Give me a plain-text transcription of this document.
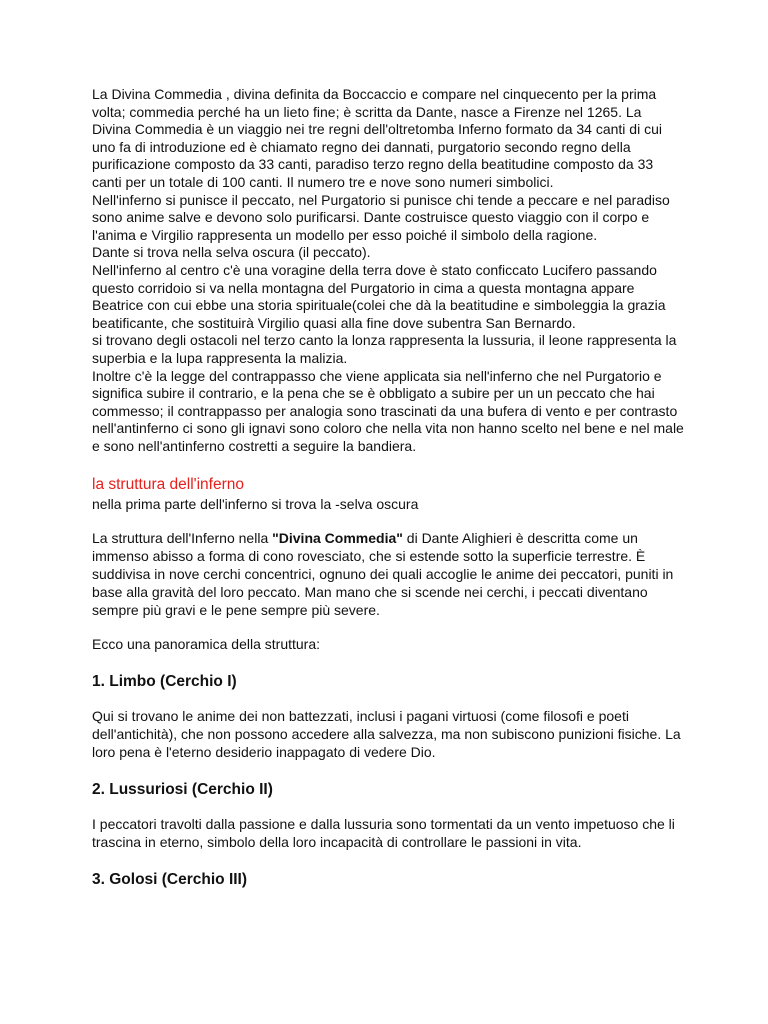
La Divina Commedia , divina definita da Boccaccio e compare nel cinquecento per la prima volta; commedia perché ha un lieto fine; è scritta da Dante, nasce a Firenze nel 1265. La Divina Commedia è un viaggio nei tre regni dell'oltretomba Inferno formato da 34 canti di cui uno fa di introduzione ed è chiamato regno dei dannati, purgatorio secondo regno della purificazione composto da 33 canti, paradiso terzo regno della beatitudine composto da 33 canti per un totale di 100 canti. Il numero tre e nove sono numeri simbolici.

Nell'inferno si punisce il peccato, nel Purgatorio si punisce chi tende a peccare e nel paradiso sono anime salve e devono solo purificarsi. Dante costruisce questo viaggio con il corpo e l'anima e Virgilio rappresenta un modello per esso poiché il simbolo della ragione.

Dante si trova nella selva oscura (il peccato).

Nell'inferno al centro c'è una voragine della terra dove è stato conficcato Lucifero passando questo corridoio si va nella montagna del Purgatorio in cima a questa montagna appare Beatrice con cui ebbe una storia spirituale(colei che dà la beatitudine e simboleggia la grazia beatificante, che sostituirà Virgilio quasi alla fine dove subentra San Bernardo.

si trovano degli ostacoli nel terzo canto la lonza rappresenta la lussuria, il leone rappresenta la superbia e la lupa rappresenta la malizia.

Inoltre c'è la legge del contrappasso che viene applicata sia nell'inferno che nel Purgatorio e significa subire il contrario, e la pena che se è obbligato a subire per un un peccato che hai commesso; il contrappasso per analogia sono trascinati da una bufera di vento e per contrasto nell'antinferno ci sono gli ignavi sono coloro che nella vita non hanno scelto nel bene e nel male e sono nell'antinferno costretti a seguire la bandiera.

la struttura dell'inferno

nella prima parte dell'inferno si trova la -selva oscura

La struttura dell'Inferno nella "Divina Commedia" di Dante Alighieri è descritta come un immenso abisso a forma di cono rovesciato, che si estende sotto la superficie terrestre. È suddivisa in nove cerchi concentrici, ognuno dei quali accoglie le anime dei peccatori, puniti in base alla gravità del loro peccato. Man mano che si scende nei cerchi, i peccati diventano sempre più gravi e le pene sempre più severe.

Ecco una panoramica della struttura:

1. Limbo (Cerchio I)

Qui si trovano le anime dei non battezzati, inclusi i pagani virtuosi (come filosofi e poeti dell'antichità), che non possono accedere alla salvezza, ma non subiscono punizioni fisiche. La loro pena è l'eterno desiderio inappagato di vedere Dio.

2. Lussuriosi (Cerchio II)

I peccatori travolti dalla passione e dalla lussuria sono tormentati da un vento impetuoso che li trascina in eterno, simbolo della loro incapacità di controllare le passioni in vita.

3. Golosi (Cerchio III)
